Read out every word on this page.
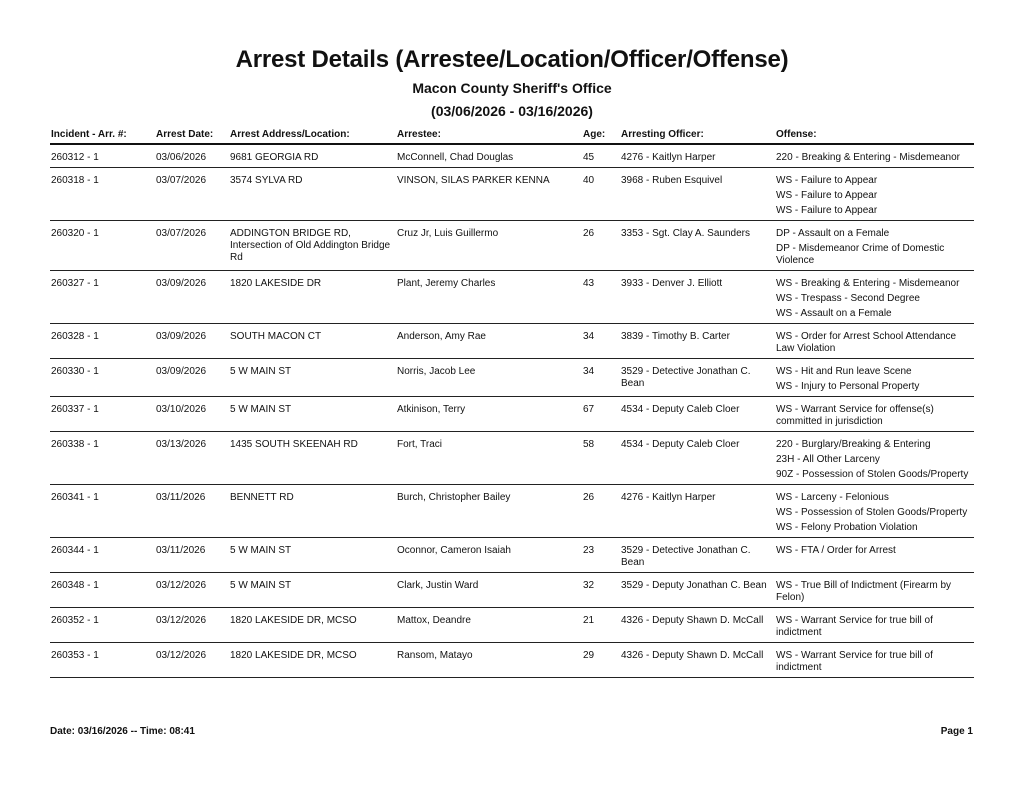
Arrest Details (Arrestee/Location/Officer/Offense)
Macon County Sheriff's Office
(03/06/2026 - 03/16/2026)
Incident - Arr. #:	Arrest Date:	Arrest Address/Location:	Arrestee:	Age:	Arresting Officer:	Offense:
260312 - 1	03/06/2026	9681 GEORGIA RD	McConnell, Chad Douglas	45	4276 - Kaitlyn Harper	220 - Breaking & Entering - Misdemeanor

260318 - 1	03/07/2026	3574 SYLVA RD	VINSON, SILAS PARKER KENNA	40	3968 - Ruben Esquivel	WS - Failure to Appear
WS - Failure to Appear
WS - Failure to Appear

260320 - 1	03/07/2026	ADDINGTON BRIDGE RD, Intersection of Old Addington Bridge Rd	Cruz Jr, Luis Guillermo	26	3353 - Sgt. Clay A. Saunders	DP - Assault on a Female
DP - Misdemeanor Crime of Domestic Violence

260327 - 1	03/09/2026	1820 LAKESIDE DR	Plant, Jeremy Charles	43	3933 - Denver J. Elliott	WS - Breaking & Entering - Misdemeanor
WS - Trespass - Second Degree
WS - Assault on a Female

260328 - 1	03/09/2026	SOUTH MACON CT	Anderson, Amy Rae	34	3839 - Timothy B. Carter	WS - Order for Arrest School Attendance Law Violation

260330 - 1	03/09/2026	5 W MAIN ST	Norris, Jacob Lee	34	3529 - Detective Jonathan C. Bean	WS - Hit and Run leave Scene
WS - Injury to Personal Property

260337 - 1	03/10/2026	5 W MAIN ST	Atkinison, Terry	67	4534 - Deputy Caleb Cloer	WS - Warrant Service for offense(s) committed in jurisdiction

260338 - 1	03/13/2026	1435 SOUTH SKEENAH RD	Fort, Traci	58	4534 - Deputy Caleb Cloer	220 - Burglary/Breaking & Entering
23H - All Other Larceny
90Z - Possession of Stolen Goods/Property

260341 - 1	03/11/2026	BENNETT RD	Burch, Christopher Bailey	26	4276 - Kaitlyn Harper	WS - Larceny - Felonious
WS - Possession of Stolen Goods/Property
WS - Felony Probation Violation

260344 - 1	03/11/2026	5 W MAIN ST	Oconnor, Cameron Isaiah	23	3529 - Detective Jonathan C. Bean	WS - FTA / Order for Arrest

260348 - 1	03/12/2026	5 W MAIN ST	Clark, Justin Ward	32	3529 - Deputy Jonathan C. Bean	WS - True Bill of Indictment (Firearm by Felon)

260352 - 1	03/12/2026	1820 LAKESIDE DR, MCSO	Mattox, Deandre	21	4326 - Deputy Shawn D. McCall	WS - Warrant Service for true bill of indictment

260353 - 1	03/12/2026	1820 LAKESIDE DR, MCSO	Ransom, Matayo	29	4326 - Deputy Shawn D. McCall	WS - Warrant Service for true bill of indictment
Date: 03/16/2026 -- Time: 08:41	Page 1
